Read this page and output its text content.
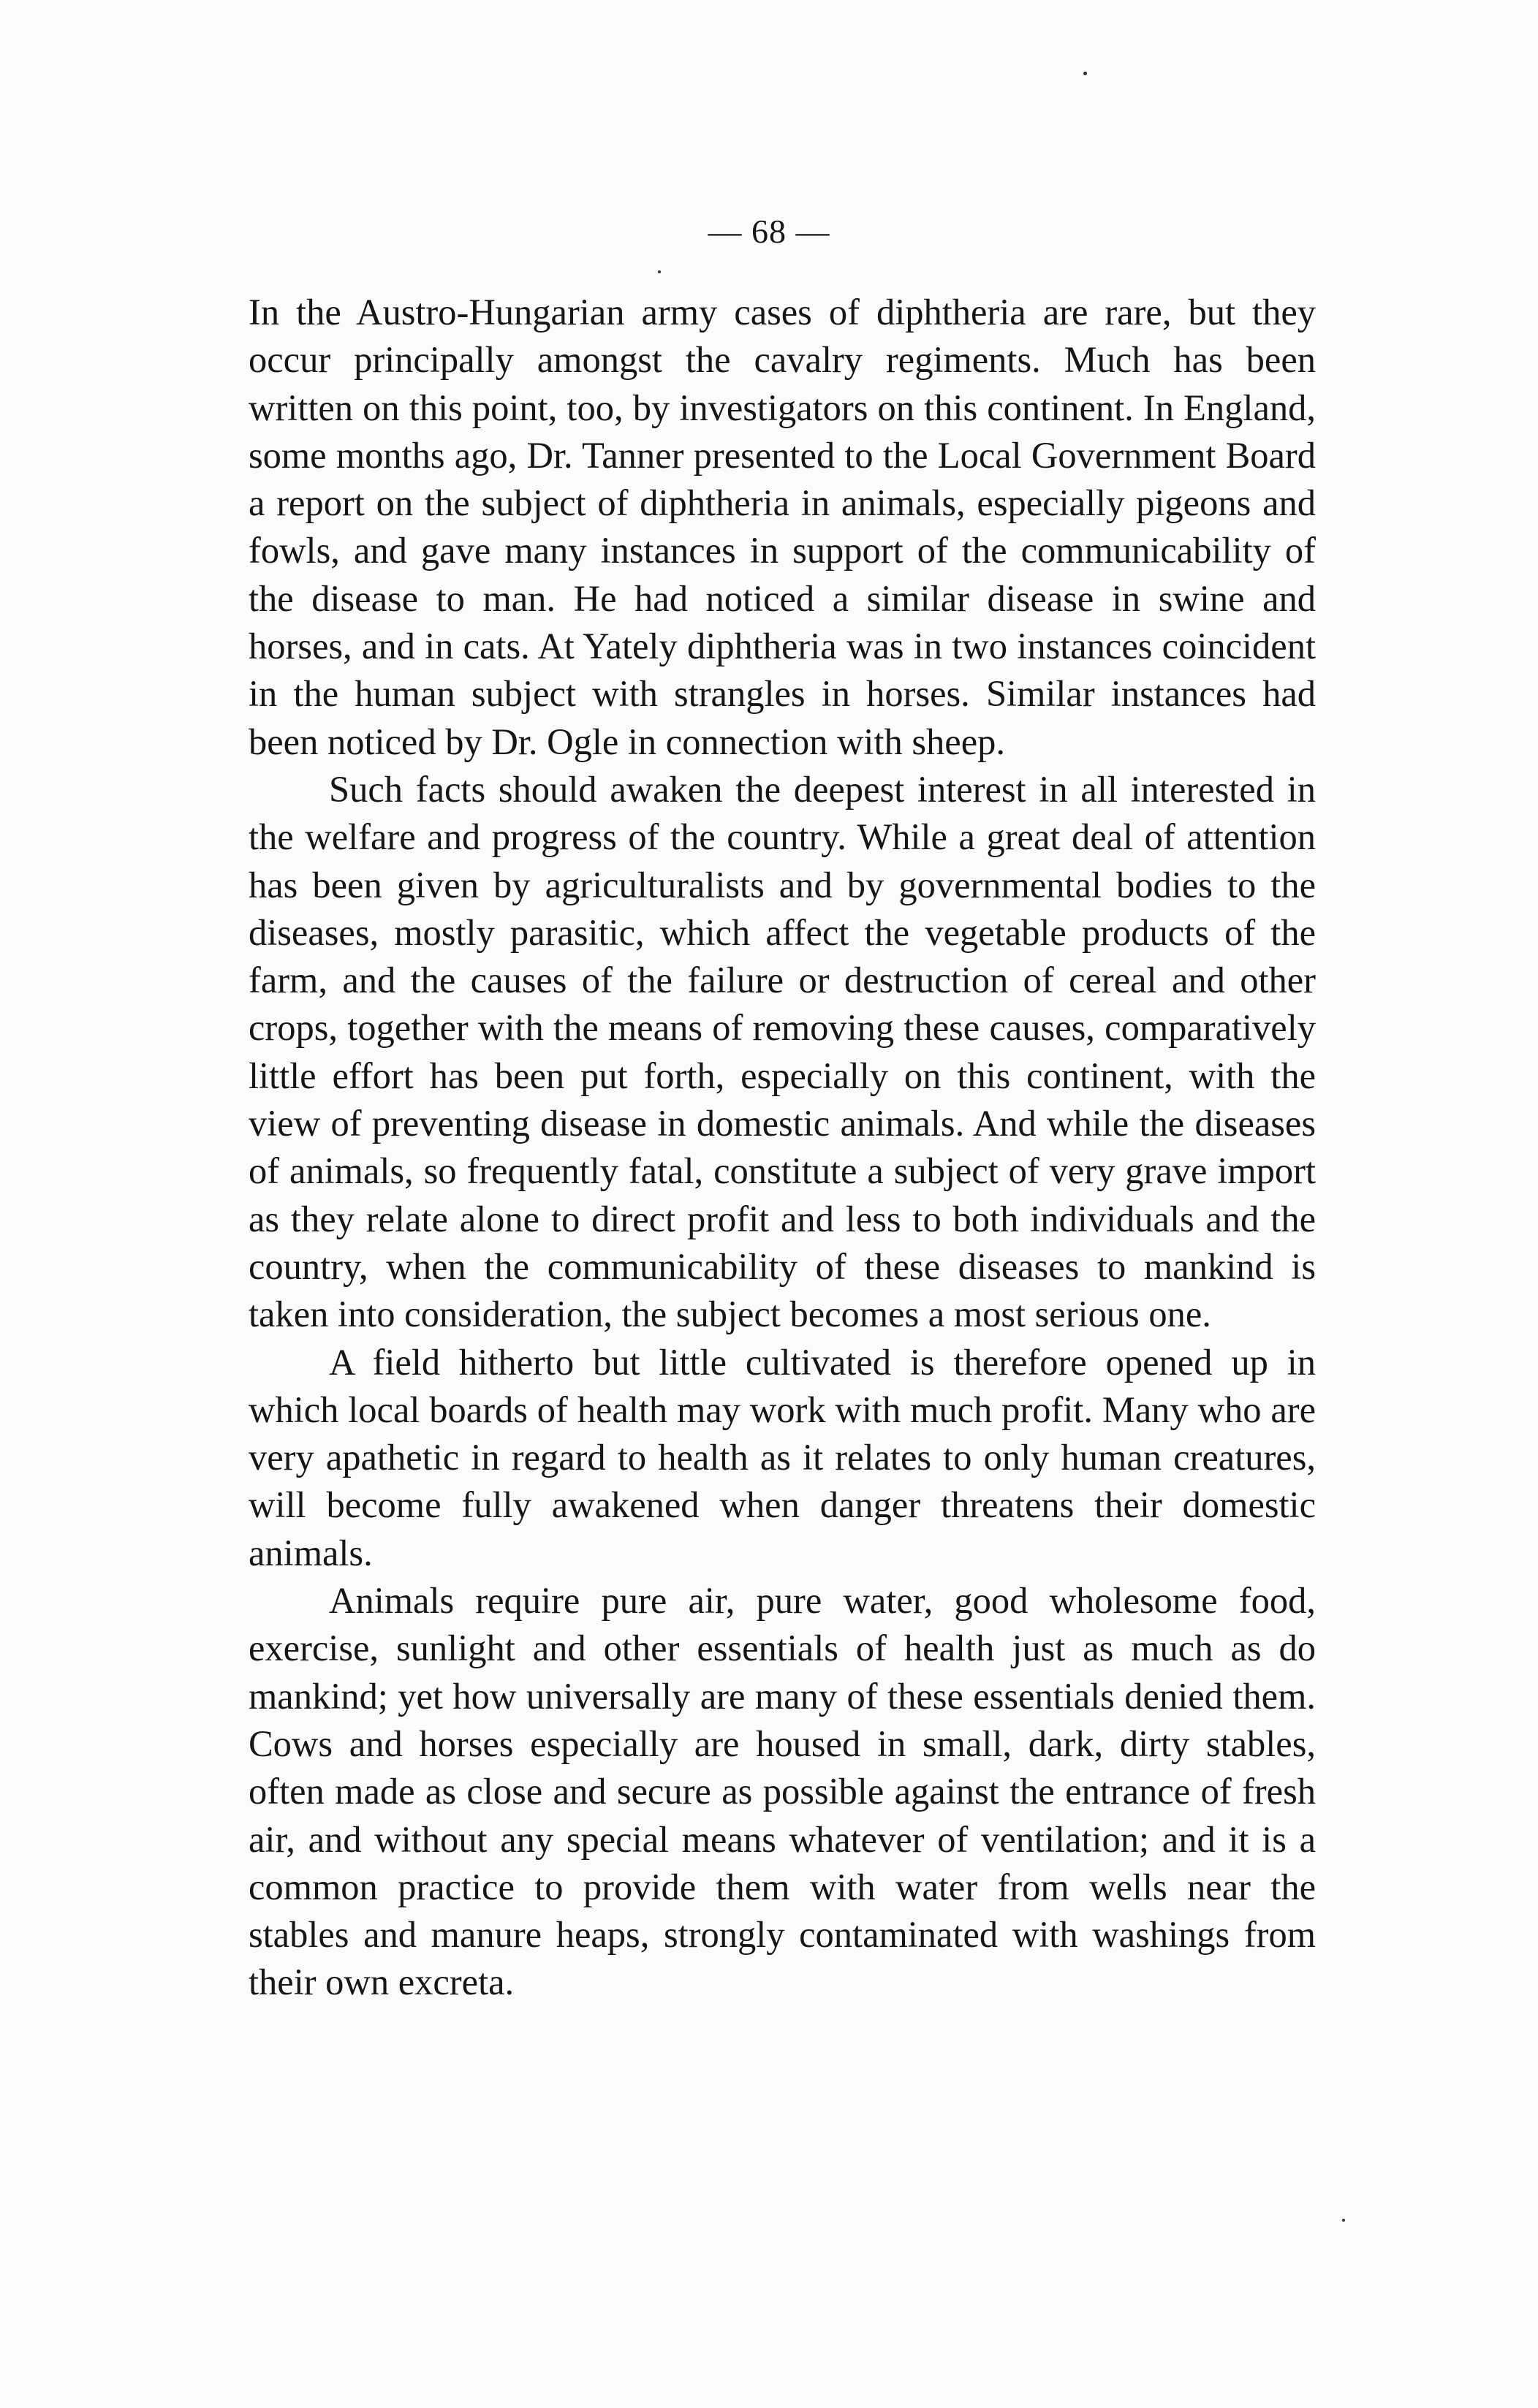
— 68 —

In the Austro-Hungarian army cases of diphtheria are rare, but they occur principally amongst the cavalry regiments. Much has been written on this point, too, by investigators on this continent. In England, some months ago, Dr. Tanner presented to the Local Government Board a report on the subject of diphtheria in animals, especially pigeons and fowls, and gave many instances in support of the communicability of the disease to man. He had noticed a similar disease in swine and horses, and in cats. At Yately diphtheria was in two instances coincident in the human subject with strangles in horses. Similar instances had been noticed by Dr. Ogle in connection with sheep.

Such facts should awaken the deepest interest in all interested in the welfare and progress of the country. While a great deal of attention has been given by agriculturalists and by governmental bodies to the diseases, mostly parasitic, which affect the vegetable products of the farm, and the causes of the failure or destruction of cereal and other crops, together with the means of removing these causes, comparatively little effort has been put forth, especially on this continent, with the view of preventing disease in domestic animals. And while the diseases of animals, so frequently fatal, constitute a subject of very grave import as they relate alone to direct profit and less to both individuals and the country, when the communicability of these diseases to mankind is taken into consideration, the subject becomes a most serious one.

A field hitherto but little cultivated is therefore opened up in which local boards of health may work with much profit. Many who are very apathetic in regard to health as it relates to only human creatures, will become fully awakened when danger threatens their domestic animals.

Animals require pure air, pure water, good wholesome food, exercise, sunlight and other essentials of health just as much as do mankind; yet how universally are many of these essentials denied them. Cows and horses especially are housed in small, dark, dirty stables, often made as close and secure as possible against the entrance of fresh air, and without any special means whatever of ventilation; and it is a common practice to provide them with water from wells near the stables and manure heaps, strongly contaminated with washings from their own excreta.
